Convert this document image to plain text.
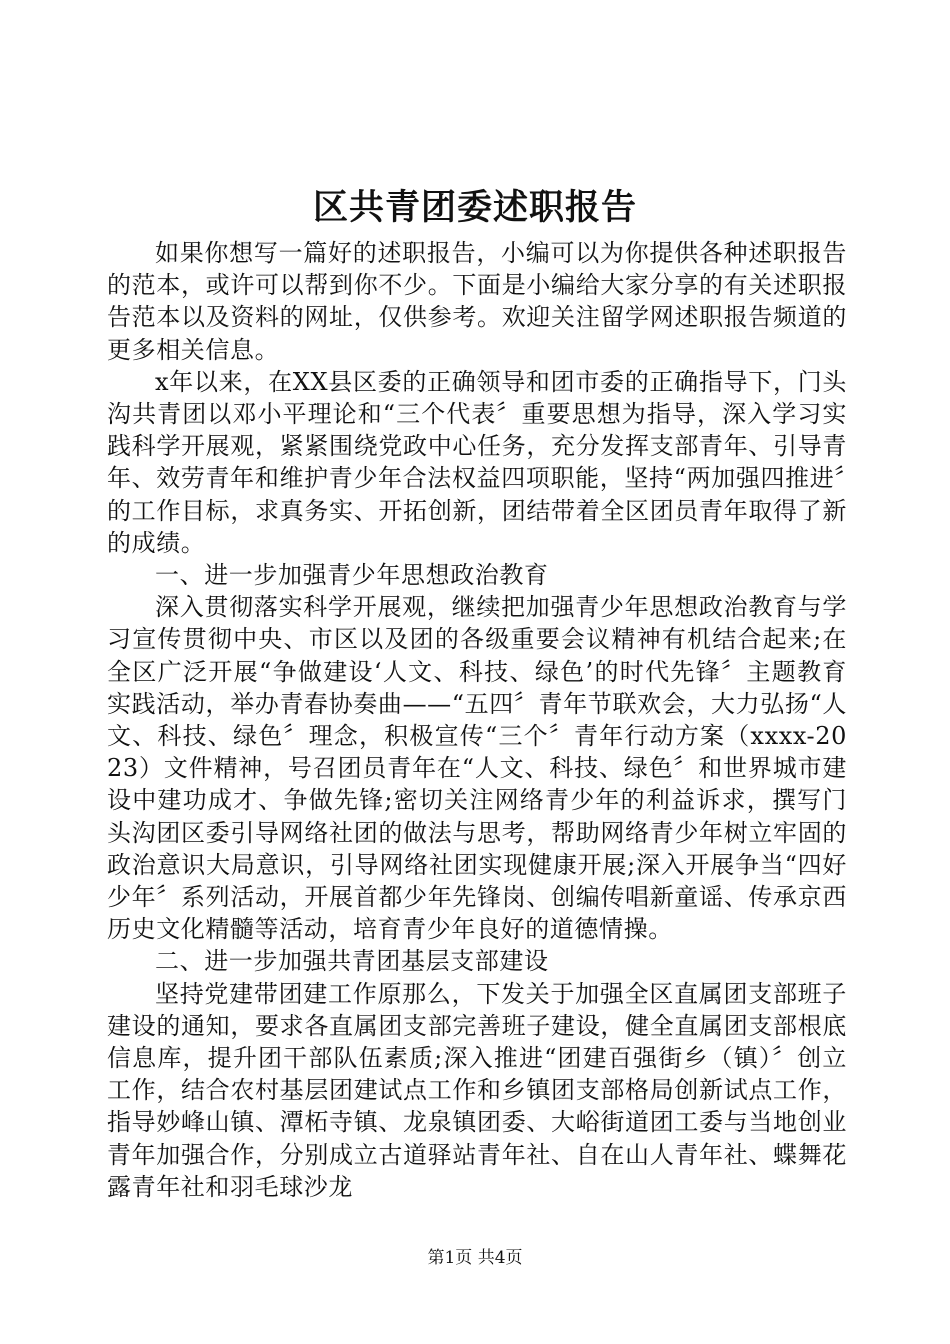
区共青团委述职报告

如果你想写一篇好的述职报告，小编可以为你提供各种述职报告的范本，或许可以帮到你不少。下面是小编给大家分享的有关述职报告范本以及资料的网址，仅供参考。欢迎关注留学网述职报告频道的更多相关信息。

x年以来，在XX县区委的正确领导和团市委的正确指导下，门头沟共青团以邓小平理论和“三个代表〞重要思想为指导，深入学习实践科学开展观，紧紧围绕党政中心任务，充分发挥支部青年、引导青年、效劳青年和维护青少年合法权益四项职能，坚持“两加强四推进〞的工作目标，求真务实、开拓创新，团结带着全区团员青年取得了新的成绩。

一、进一步加强青少年思想政治教育

深入贯彻落实科学开展观，继续把加强青少年思想政治教育与学习宣传贯彻中央、市区以及团的各级重要会议精神有机结合起来;在全区广泛开展“争做建设‘人文、科技、绿色’的时代先锋〞主题教育实践活动，举办青春协奏曲——“五四〞青年节联欢会，大力弘扬“人文、科技、绿色〞理念，积极宣传“三个〞青年行动方案（xxxx-2023）文件精神，号召团员青年在“人文、科技、绿色〞和世界城市建设中建功成才、争做先锋;密切关注网络青少年的利益诉求，撰写门头沟团区委引导网络社团的做法与思考，帮助网络青少年树立牢固的政治意识大局意识，引导网络社团实现健康开展;深入开展争当“四好少年〞系列活动，开展首都少年先锋岗、创编传唱新童谣、传承京西历史文化精髓等活动，培育青少年良好的道德情操。

二、进一步加强共青团基层支部建设

坚持党建带团建工作原那么，下发关于加强全区直属团支部班子建设的通知，要求各直属团支部完善班子建设，健全直属团支部根底信息库，提升团干部队伍素质;深入推进“团建百强街乡（镇）〞创立工作，结合农村基层团建试点工作和乡镇团支部格局创新试点工作，指导妙峰山镇、潭柘寺镇、龙泉镇团委、大峪街道团工委与当地创业青年加强合作，分别成立古道驿站青年社、自在山人青年社、蝶舞花露青年社和羽毛球沙龙

第1页 共4页
